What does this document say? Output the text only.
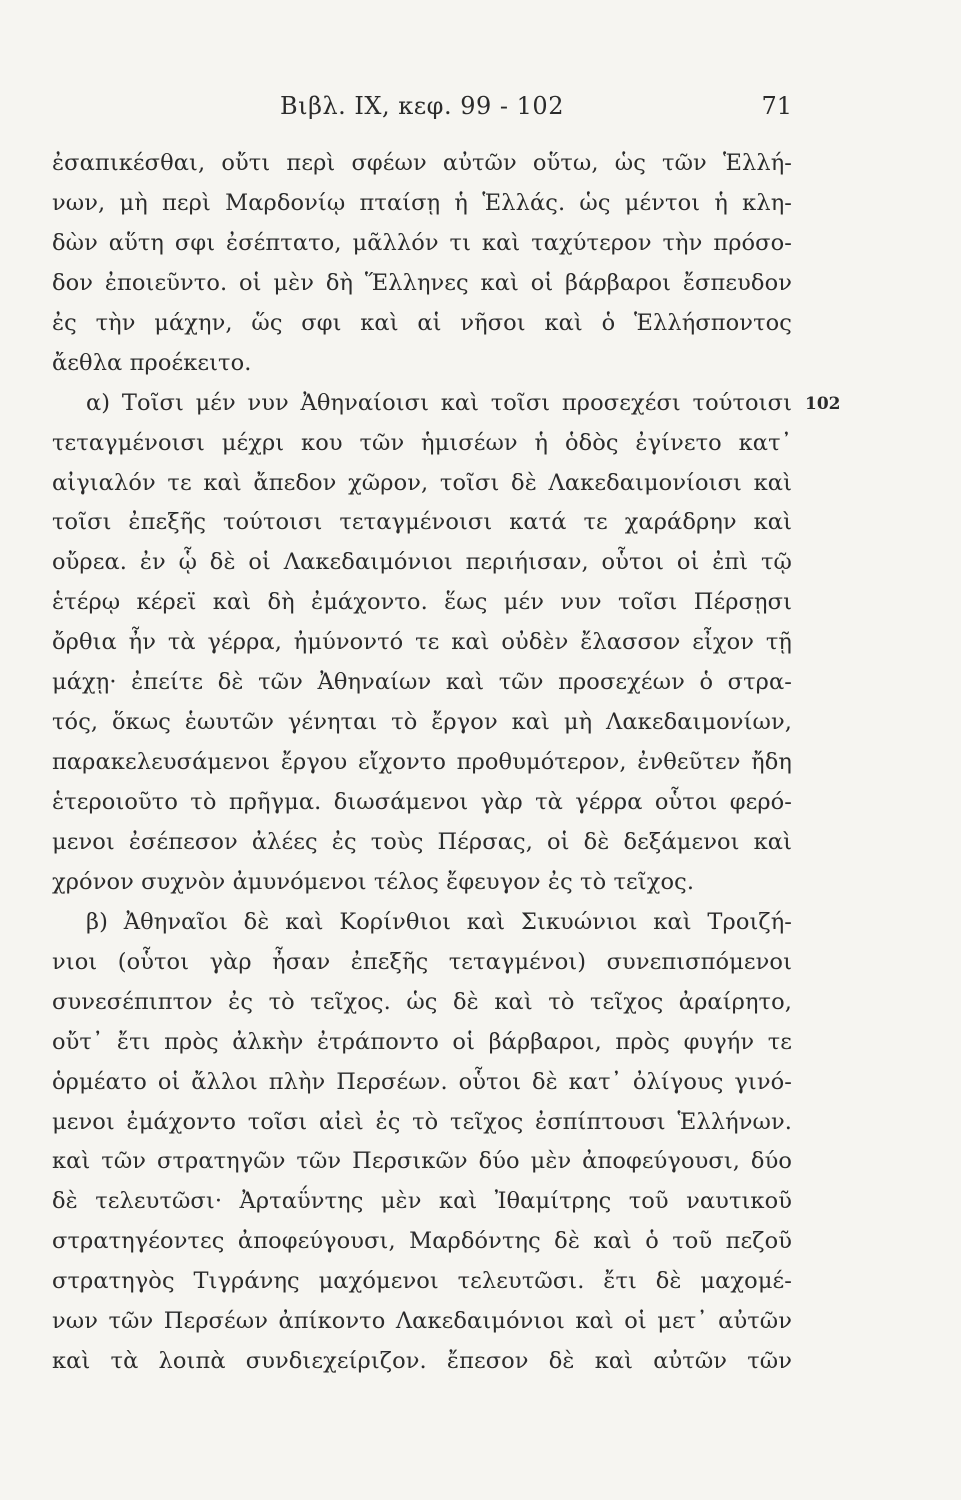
Βιβλ. IX, κεφ. 99 - 102	71
102
ἐσαπικέσθαι, οὔτι περὶ σφέων αὐτῶν οὕτω, ὡς τῶν Ἑλλή-
νων, μὴ περὶ Μαρδονίῳ πταίσῃ ἡ Ἑλλάς. ὡς μέντοι ἡ κλη-
δὼν αὕτη σφι ἐσέπτατο, μᾶλλόν τι καὶ ταχύτερον τὴν πρόσο-
δον ἐποιεῦντο. οἱ μὲν δὴ Ἕλληνες καὶ οἱ βάρβαροι ἔσπευδον
ἐς τὴν μάχην, ὥς σφι καὶ αἱ νῆσοι καὶ ὁ Ἑλλήσποντος
ἄεθλα προέκειτο.
α) Τοῖσι μέν νυν Ἀθηναίοισι καὶ τοῖσι προσεχέσι τούτοισι
τεταγμένοισι μέχρι κου τῶν ἡμισέων ἡ ὁδὸς ἐγίνετο κατ᾽
αἰγιαλόν τε καὶ ἄπεδον χῶρον, τοῖσι δὲ Λακεδαιμονίοισι καὶ
τοῖσι ἐπεξῆς τούτοισι τεταγμένοισι κατά τε χαράδρην καὶ
οὔρεα. ἐν ᾧ δὲ οἱ Λακεδαιμόνιοι περιήισαν, οὗτοι οἱ ἐπὶ τῷ
ἑτέρῳ κέρεϊ καὶ δὴ ἐμάχοντο. ἕως μέν νυν τοῖσι Πέρσῃσι
ὄρθια ἦν τὰ γέρρα, ἠμύνοντό τε καὶ οὐδὲν ἔλασσον εἶχον τῇ
μάχῃ· ἐπείτε δὲ τῶν Ἀθηναίων καὶ τῶν προσεχέων ὁ στρα-
τός, ὅκως ἑωυτῶν γένηται τὸ ἔργον καὶ μὴ Λακεδαιμονίων,
παρακελευσάμενοι ἔργου εἴχοντο προθυμότερον, ἐνθεῦτεν ἤδη
ἑτεροιοῦτο τὸ πρῆγμα. διωσάμενοι γὰρ τὰ γέρρα οὗτοι φερό-
μενοι ἐσέπεσον ἀλέες ἐς τοὺς Πέρσας, οἱ δὲ δεξάμενοι καὶ
χρόνον συχνὸν ἀμυνόμενοι τέλος ἔφευγον ἐς τὸ τεῖχος.
β) Ἀθηναῖοι δὲ καὶ Κορίνθιοι καὶ Σικυώνιοι καὶ Τροιζή-
νιοι (οὗτοι γὰρ ἦσαν ἐπεξῆς τεταγμένοι) συνεπισπόμενοι
συνεσέπιπτον ἐς τὸ τεῖχος. ὡς δὲ καὶ τὸ τεῖχος ἀραίρητο,
οὔτ᾽ ἔτι πρὸς ἀλκὴν ἐτράποντο οἱ βάρβαροι, πρὸς φυγήν τε
ὁρμέατο οἱ ἄλλοι πλὴν Περσέων. οὗτοι δὲ κατ᾽ ὀλίγους γινό-
μενοι ἐμάχοντο τοῖσι αἰεὶ ἐς τὸ τεῖχος ἐσπίπτουσι Ἑλλήνων.
καὶ τῶν στρατηγῶν τῶν Περσικῶν δύο μὲν ἀποφεύγουσι, δύο
δὲ τελευτῶσι· Ἀρταΰντης μὲν καὶ Ἰθαμίτρης τοῦ ναυτικοῦ
στρατηγέοντες ἀποφεύγουσι, Μαρδόντης δὲ καὶ ὁ τοῦ πεζοῦ
στρατηγὸς Τιγράνης μαχόμενοι τελευτῶσι. ἔτι δὲ μαχομέ-
νων τῶν Περσέων ἀπίκοντο Λακεδαιμόνιοι καὶ οἱ μετ᾽ αὐτῶν
καὶ τὰ λοιπὰ συνδιεχείριζον. ἔπεσον δὲ καὶ αὐτῶν τῶν
